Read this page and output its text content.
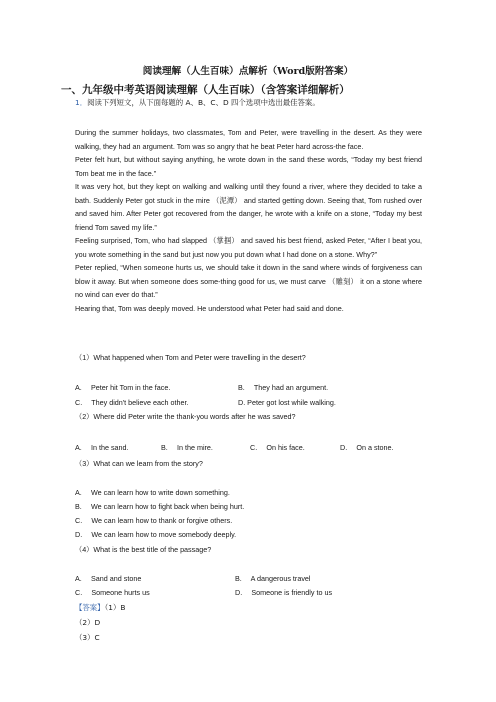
阅读理解（人生百味）点解析（Word版附答案）
一、九年级中考英语阅读理解（人生百味）（含答案详细解析）
1．阅读下列短文，从下面每题的 A、B、C、D 四个选项中选出最佳答案。

During the summer holidays, two classmates, Tom and Peter, were travelling in the desert. As they were walking, they had an argument. Tom was so angry that he beat Peter hard across-the face.

Peter felt hurt, but without saying anything, he wrote down in the sand these words, “Today my best friend Tom beat me in the face.”

It was very hot, but they kept on walking and walking until they found a river, where they decided to take a bath. Suddenly Peter got stuck in the mire （泥潭） and started getting down. Seeing that, Tom rushed over and saved him. After Peter got recovered from the danger, he wrote with a knife on a stone, “Today my best friend Tom saved my life.”

Feeling surprised, Tom, who had slapped （掌掴） and saved his best friend, asked Peter, “After I beat you, you wrote something in the sand but just now you put down what I had done on a stone. Why?”

Peter replied, “When someone hurts us, we should take it down in the sand where winds of forgiveness can blow it away. But when someone does some-thing good for us, we must carve （雕刻） it on a stone where no wind can ever do that.”

Hearing that, Tom was deeply moved. He understood what Peter had said and done.

（1）What happened when Tom and Peter were travelling in the desert?
A.　 Peter hit Tom in the face.	B.　 They had an argument.
C.　 They didn't believe each other.	D. Peter got lost while walking.
（2）Where did Peter write the thank-you words after he was saved?
A.　 In the sand.	B.　 In the mire.	C.　 On his face.	D.　 On a stone.
（3）What can we learn from the story?
A.　 We can learn how to write down something.
B.　 We can learn how to fight back when being hurt.
C.　 We can learn how to thank or forgive others.
D.　 We can learn how to move somebody deeply.
（4）What is the best title of the passage?
A.　 Sand and stone	B.　 A dangerous travel
C.　 Someone hurts us	D.　 Someone is friendly to us
【答案】（1）B
（2）D
（3）C
